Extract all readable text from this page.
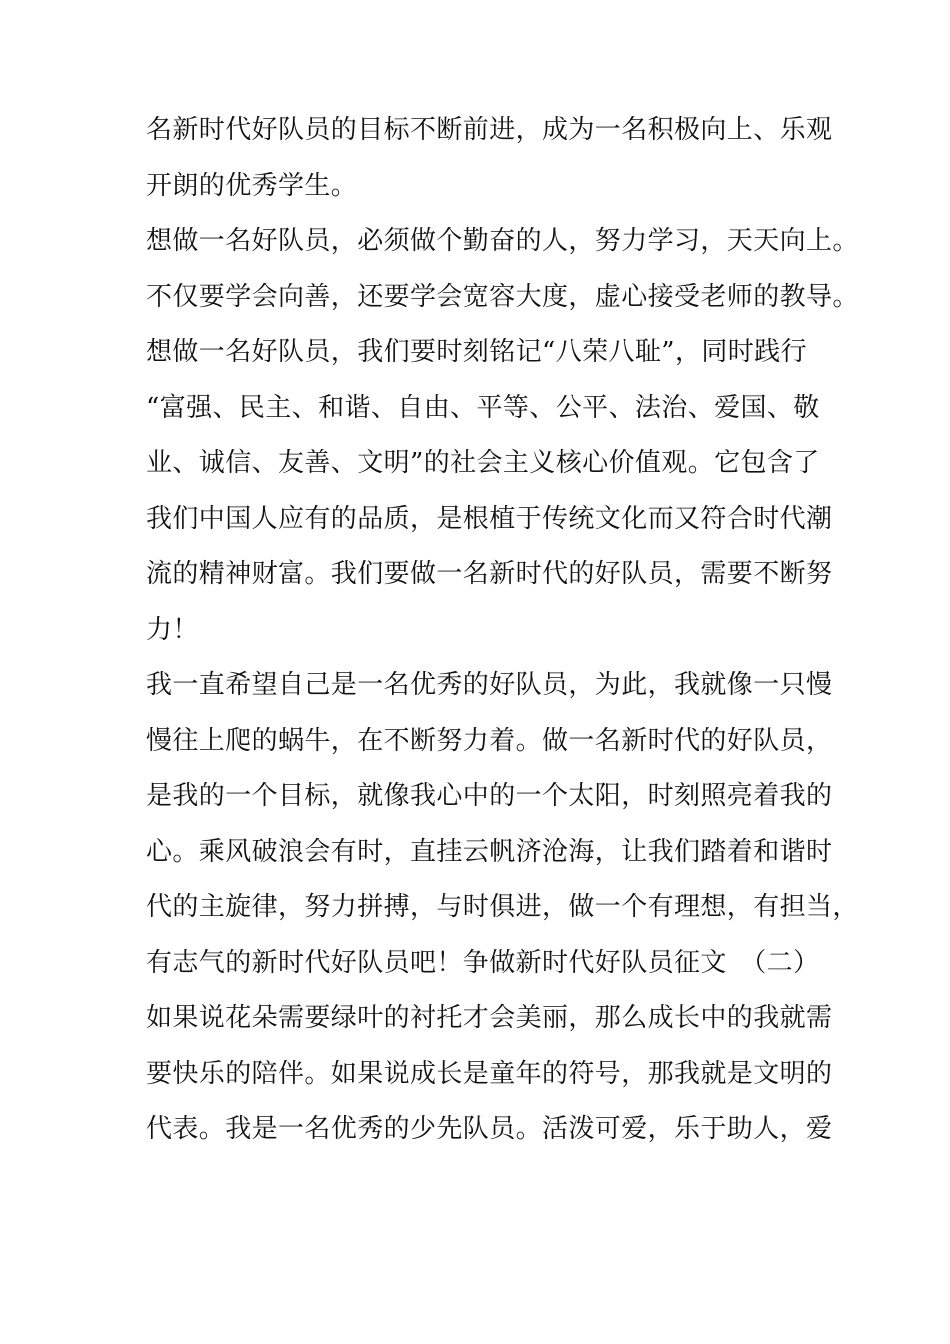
名新时代好队员的目标不断前进，成为一名积极向上、乐观
开朗的优秀学生。
想做一名好队员，必须做个勤奋的人，努力学习，天天向上。
不仅要学会向善，还要学会宽容大度，虚心接受老师的教导。
想做一名好队员，我们要时刻铭记“八荣八耻”，同时践行
“富强、民主、和谐、自由、平等、公平、法治、爱国、敬
业、诚信、友善、文明”的社会主义核心价值观。它包含了
我们中国人应有的品质，是根植于传统文化而又符合时代潮
流的精神财富。我们要做一名新时代的好队员，需要不断努
力！
我一直希望自己是一名优秀的好队员，为此，我就像一只慢
慢往上爬的蜗牛，在不断努力着。做一名新时代的好队员，
是我的一个目标，就像我心中的一个太阳，时刻照亮着我的
心。乘风破浪会有时，直挂云帆济沧海，让我们踏着和谐时
代的主旋律，努力拼搏，与时俱进，做一个有理想，有担当，
有志气的新时代好队员吧！争做新时代好队员征文　（二）
如果说花朵需要绿叶的衬托才会美丽，那么成长中的我就需
要快乐的陪伴。如果说成长是童年的符号，那我就是文明的
代表。我是一名优秀的少先队员。活泼可爱，乐于助人，爱
